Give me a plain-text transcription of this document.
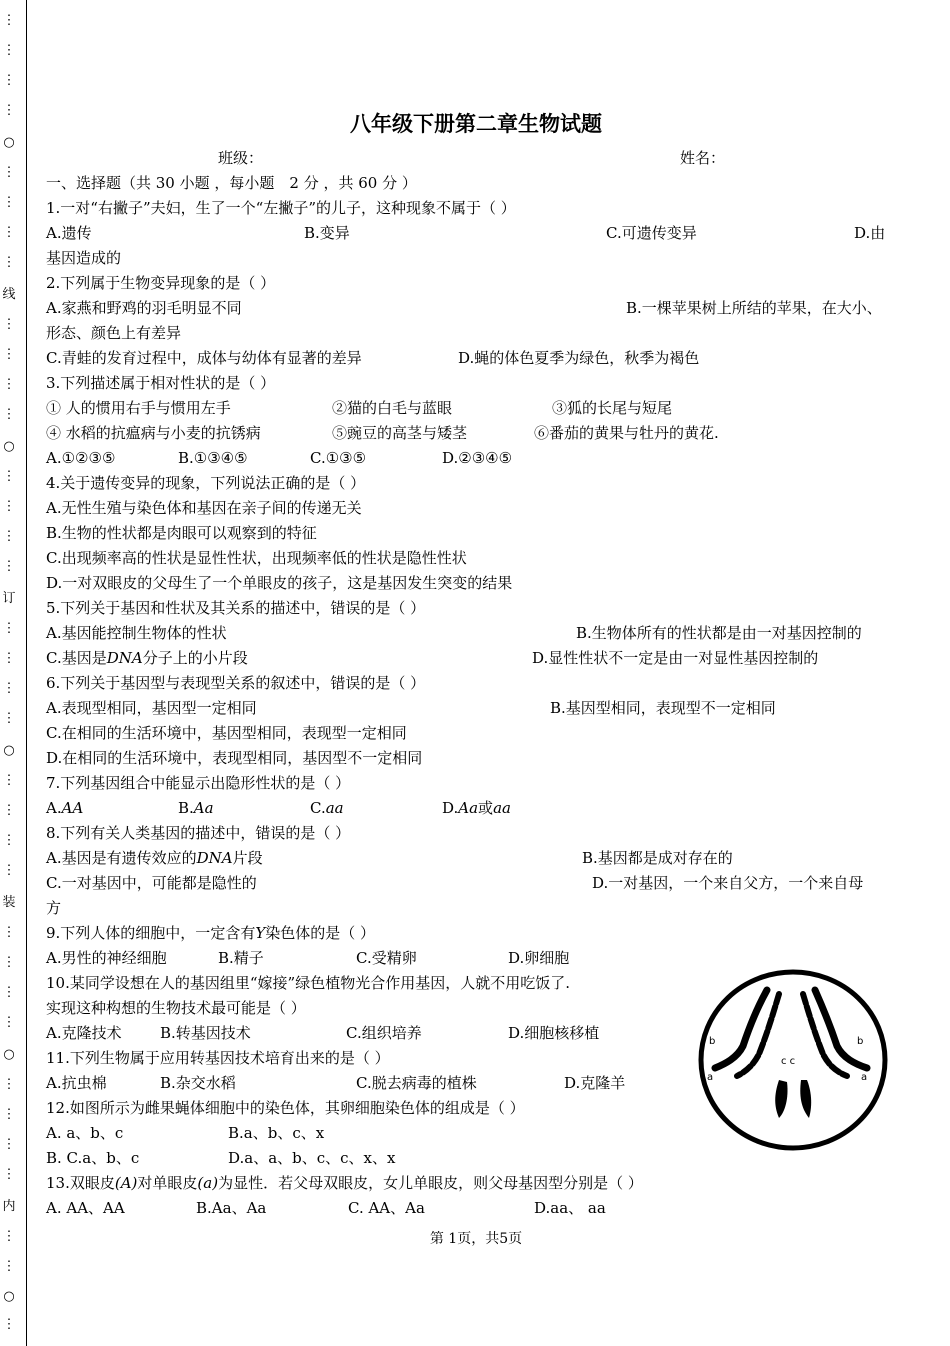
⋮
⋮
⋮
⋮
○
⋮
⋮
⋮
⋮
线
⋮
⋮
⋮
⋮
○
⋮
⋮
⋮
⋮
订
⋮
⋮
⋮
⋮
○
⋮
⋮
⋮
⋮
装
⋮
⋮
⋮
⋮
○
⋮
⋮
⋮
⋮
内
⋮
⋮
○
⋮
八年级下册第二章生物试题
班级：	姓名：
一、选择题（共 30 小题 ，每小题　2 分 ，共 60 分 ）
1.一对“右撇子”夫妇，生了一个“左撇子”的儿子，这种现象不属于（ ）
A.遗传	B.变异	C.可遗传变异	D.由
基因造成的
2.下列属于生物变异现象的是（ ）
A.家燕和野鸡的羽毛明显不同	B.一棵苹果树上所结的苹果，在大小、
形态、颜色上有差异
C.青蛙的发育过程中，成体与幼体有显著的差异	D.蝇的体色夏季为绿色，秋季为褐色
3.下列描述属于相对性状的是（ ）
① 人的惯用右手与惯用左手	②猫的白毛与蓝眼	③狐的长尾与短尾
④ 水稻的抗瘟病与小麦的抗锈病	⑤豌豆的高茎与矮茎	⑥番茄的黄果与牡丹的黄花.
A.①②③⑤	B.①③④⑤	C.①③⑤	D.②③④⑤
4.关于遗传变异的现象，下列说法正确的是（ ）
A.无性生殖与染色体和基因在亲子间的传递无关
B.生物的性状都是肉眼可以观察到的特征
C.出现频率高的性状是显性性状，出现频率低的性状是隐性性状
D.一对双眼皮的父母生了一个单眼皮的孩子，这是基因发生突变的结果
5.下列关于基因和性状及其关系的描述中，错误的是（ ）
A.基因能控制生物体的性状	B.生物体所有的性状都是由一对基因控制的
C.基因是DNA分子上的小片段	D.显性性状不一定是由一对显性基因控制的
6.下列关于基因型与表现型关系的叙述中，错误的是（ ）
A.表现型相同，基因型一定相同	B.基因型相同，表现型不一定相同
C.在相同的生活环境中，基因型相同，表现型一定相同
D.在相同的生活环境中，表现型相同，基因型不一定相同
7.下列基因组合中能显示出隐形性状的是（ ）
A.AA	B.Aa	C.aa	D.Aa或aa
8.下列有关人类基因的描述中，错误的是（ ）
A.基因是有遗传效应的DNA片段	B.基因都是成对存在的
C.一对基因中，可能都是隐性的	D.一对基因，一个来自父方，一个来自母
方
9.下列人体的细胞中，一定含有Y染色体的是（ ）
A.男性的神经细胞	B.精子	C.受精卵	D.卵细胞
10.某同学设想在人的基因组里“嫁接”绿色植物光合作用基因，人就不用吃饭了.
实现这种构想的生物技术最可能是（ ）
A.克隆技术	B.转基因技术	C.组织培养	D.细胞核移植
11.下列生物属于应用转基因技术培育出来的是（ ）
A.抗虫棉	B.杂交水稻	C.脱去病毒的植株	D.克隆羊
12.如图所示为雌果蝇体细胞中的染色体，其卵细胞染色体的组成是（ ）
A. a、b、c	B.a、b、c、x
B. C.a、b、c	D.a、a、b、c、c、x、x
13.双眼皮(A)对单眼皮(a)为显性．若父母双眼皮，女儿单眼皮，则父母基因型分别是（ ）
A. AA、AA	B.Aa、Aa	C. AA、Aa	D.aa、 aa
第 1页，共5页
b
a
c c
b
a
